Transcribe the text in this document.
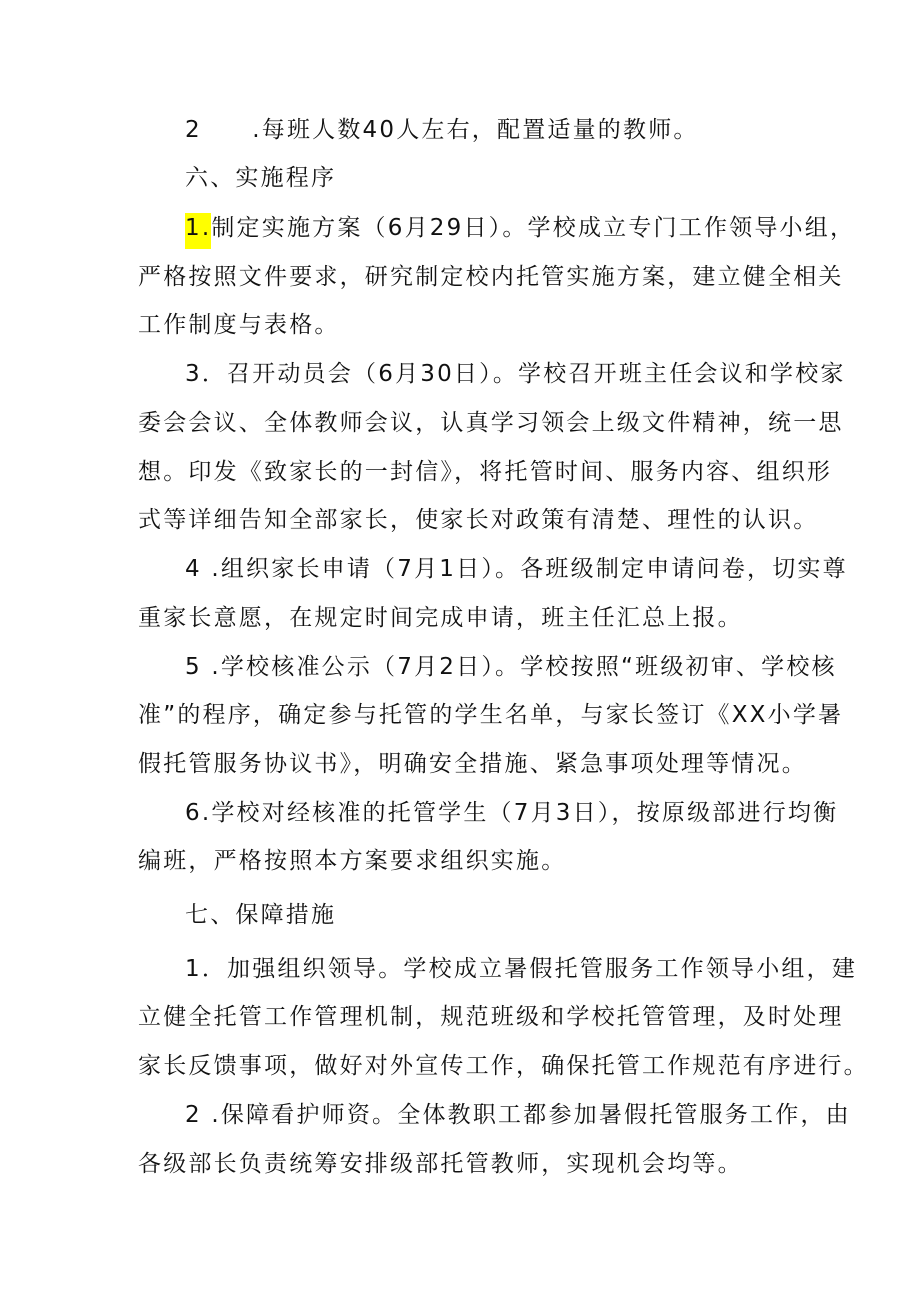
2　　.每班人数40人左右，配置适量的教师。
六、实施程序
1.制定实施方案（6月29日）。学校成立专门工作领导小组，
严格按照文件要求，研究制定校内托管实施方案，建立健全相关
工作制度与表格。
3．召开动员会（6月30日）。学校召开班主任会议和学校家
委会会议、全体教师会议，认真学习领会上级文件精神，统一思
想。印发《致家长的一封信》，将托管时间、服务内容、组织形
式等详细告知全部家长，使家长对政策有清楚、理性的认识。
4 .组织家长申请（7月1日）。各班级制定申请问卷，切实尊
重家长意愿，在规定时间完成申请，班主任汇总上报。
5 .学校核准公示（7月2日）。学校按照“班级初审、学校核
准”的程序，确定参与托管的学生名单，与家长签订《XX小学暑
假托管服务协议书》，明确安全措施、紧急事项处理等情况。
6.学校对经核准的托管学生（7月3日），按原级部进行均衡
编班，严格按照本方案要求组织实施。
七、保障措施
1．加强组织领导。学校成立暑假托管服务工作领导小组，建
立健全托管工作管理机制，规范班级和学校托管管理，及时处理
家长反馈事项，做好对外宣传工作，确保托管工作规范有序进行。
2 .保障看护师资。全体教职工都参加暑假托管服务工作，由
各级部长负责统筹安排级部托管教师，实现机会均等。
